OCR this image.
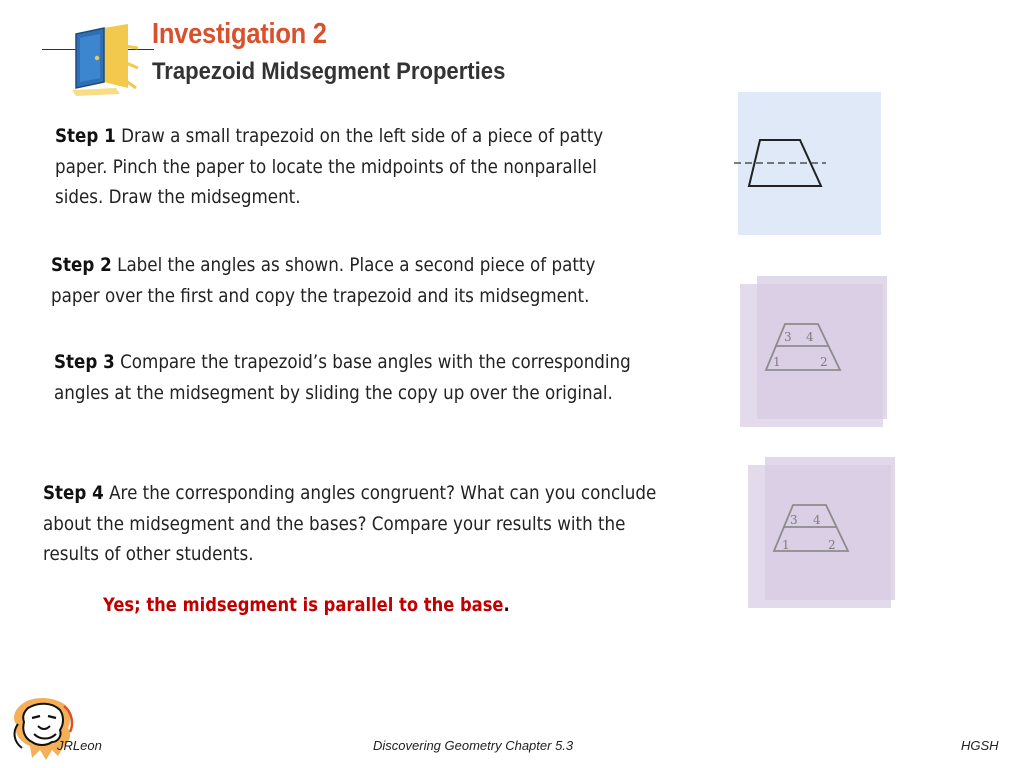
Investigation 2
Trapezoid Midsegment Properties
Step 1 Draw a small trapezoid on the left side of a piece of patty paper. Pinch the paper to locate the midpoints of the nonparallel sides. Draw the midsegment.
Step 2 Label the angles as shown. Place a second piece of patty paper over the first and copy the trapezoid and its midsegment.
Step 3 Compare the trapezoid’s base angles with the corresponding angles at the midsegment by sliding the copy up over the original.
Step 4 Are the corresponding angles congruent? What can you conclude about the midsegment and the bases? Compare your results with the results of other students.
Yes; the midsegment is parallel to the base.
3 4
1	2
3 4
1	2
JRLeon	Discovering Geometry Chapter 5.3	HGSH
